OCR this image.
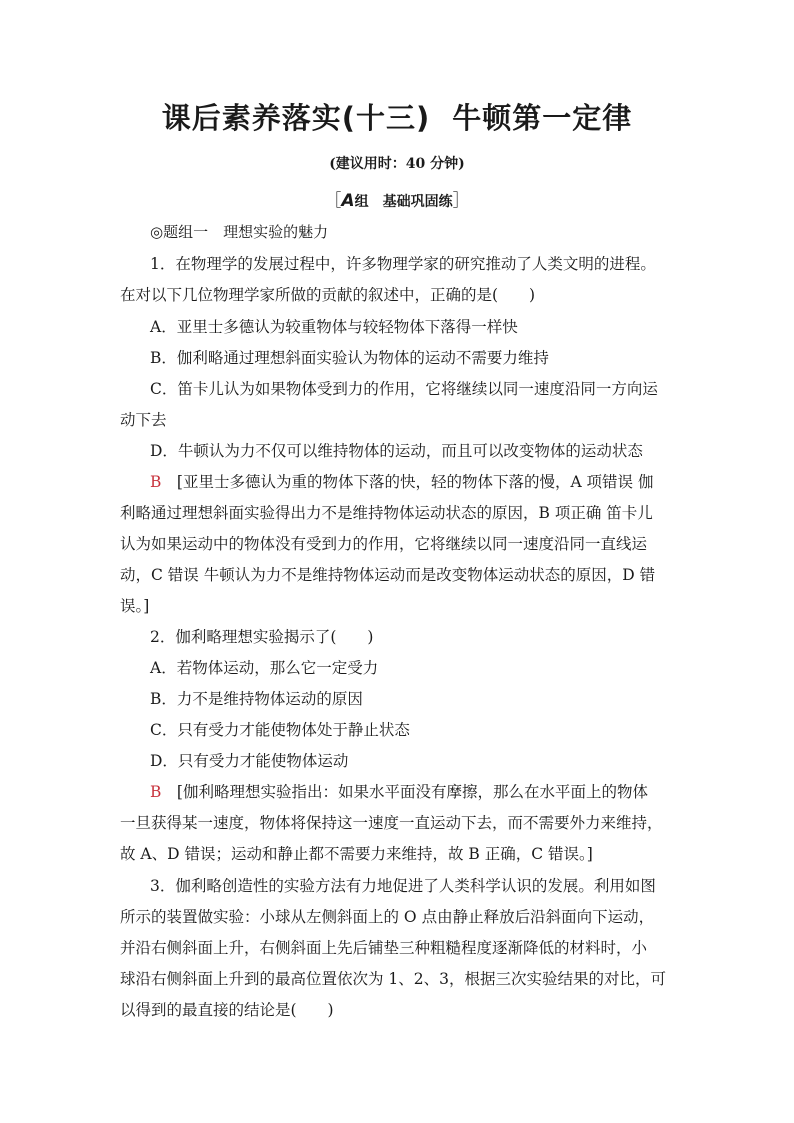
课后素养落实(十三) 牛顿第一定律
(建议用时：40 分钟)
［A组　基础巩固练］
◎题组一　理想实验的魅力
1．在物理学的发展过程中，许多物理学家的研究推动了人类文明的进程。
在对以下几位物理学家所做的贡献的叙述中，正确的是(　　)
A．亚里士多德认为较重物体与较轻物体下落得一样快
B．伽利略通过理想斜面实验认为物体的运动不需要力维持
C．笛卡儿认为如果物体受到力的作用，它将继续以同一速度沿同一方向运
动下去
D．牛顿认为力不仅可以维持物体的运动，而且可以改变物体的运动状态
B  [亚里士多德认为重的物体下落的快，轻的物体下落的慢，A 项错误 伽
利略通过理想斜面实验得出力不是维持物体运动状态的原因，B 项正确 笛卡儿
认为如果运动中的物体没有受到力的作用，它将继续以同一速度沿同一直线运
动，C 错误 牛顿认为力不是维持物体运动而是改变物体运动状态的原因，D 错
误。]
2．伽利略理想实验揭示了(　　)
A．若物体运动，那么它一定受力
B．力不是维持物体运动的原因
C．只有受力才能使物体处于静止状态
D．只有受力才能使物体运动
B  [伽利略理想实验指出：如果水平面没有摩擦，那么在水平面上的物体
一旦获得某一速度，物体将保持这一速度一直运动下去，而不需要外力来维持，
故 A、D 错误；运动和静止都不需要力来维持，故 B 正确，C 错误。]
3．伽利略创造性的实验方法有力地促进了人类科学认识的发展。利用如图
所示的装置做实验：小球从左侧斜面上的 O 点由静止释放后沿斜面向下运动，
并沿右侧斜面上升，右侧斜面上先后铺垫三种粗糙程度逐渐降低的材料时，小
球沿右侧斜面上升到的最高位置依次为 1、2、3，根据三次实验结果的对比，可
以得到的最直接的结论是(　　)
